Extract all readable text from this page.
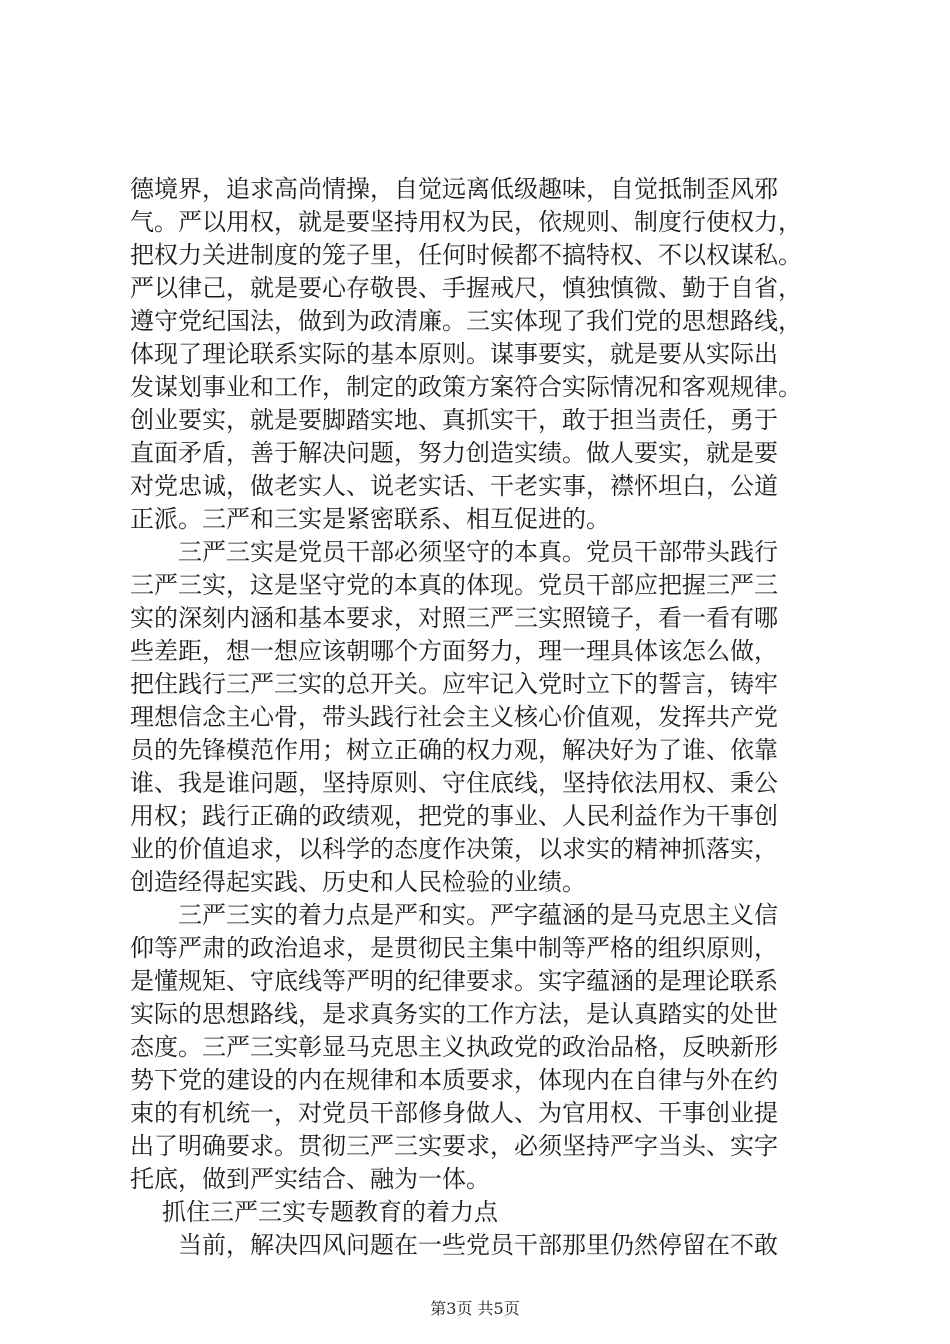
德境界，追求高尚情操，自觉远离低级趣味，自觉抵制歪风邪
气。严以用权，就是要坚持用权为民，依规则、制度行使权力，
把权力关进制度的笼子里，任何时候都不搞特权、不以权谋私。
严以律己，就是要心存敬畏、手握戒尺，慎独慎微、勤于自省，
遵守党纪国法，做到为政清廉。三实体现了我们党的思想路线，
体现了理论联系实际的基本原则。谋事要实，就是要从实际出
发谋划事业和工作，制定的政策方案符合实际情况和客观规律。
创业要实，就是要脚踏实地、真抓实干，敢于担当责任，勇于
直面矛盾，善于解决问题，努力创造实绩。做人要实，就是要
对党忠诚，做老实人、说老实话、干老实事，襟怀坦白，公道
正派。三严和三实是紧密联系、相互促进的。
三严三实是党员干部必须坚守的本真。党员干部带头践行
三严三实，这是坚守党的本真的体现。党员干部应把握三严三
实的深刻内涵和基本要求，对照三严三实照镜子，看一看有哪
些差距，想一想应该朝哪个方面努力，理一理具体该怎么做，
把住践行三严三实的总开关。应牢记入党时立下的誓言，铸牢
理想信念主心骨，带头践行社会主义核心价值观，发挥共产党
员的先锋模范作用；树立正确的权力观，解决好为了谁、依靠
谁、我是谁问题，坚持原则、守住底线，坚持依法用权、秉公
用权；践行正确的政绩观，把党的事业、人民利益作为干事创
业的价值追求，以科学的态度作决策，以求实的精神抓落实，
创造经得起实践、历史和人民检验的业绩。
三严三实的着力点是严和实。严字蕴涵的是马克思主义信
仰等严肃的政治追求，是贯彻民主集中制等严格的组织原则，
是懂规矩、守底线等严明的纪律要求。实字蕴涵的是理论联系
实际的思想路线，是求真务实的工作方法，是认真踏实的处世
态度。三严三实彰显马克思主义执政党的政治品格，反映新形
势下党的建设的内在规律和本质要求，体现内在自律与外在约
束的有机统一，对党员干部修身做人、为官用权、干事创业提
出了明确要求。贯彻三严三实要求，必须坚持严字当头、实字
托底，做到严实结合、融为一体。
抓住三严三实专题教育的着力点
当前，解决四风问题在一些党员干部那里仍然停留在不敢
第3页 共5页
